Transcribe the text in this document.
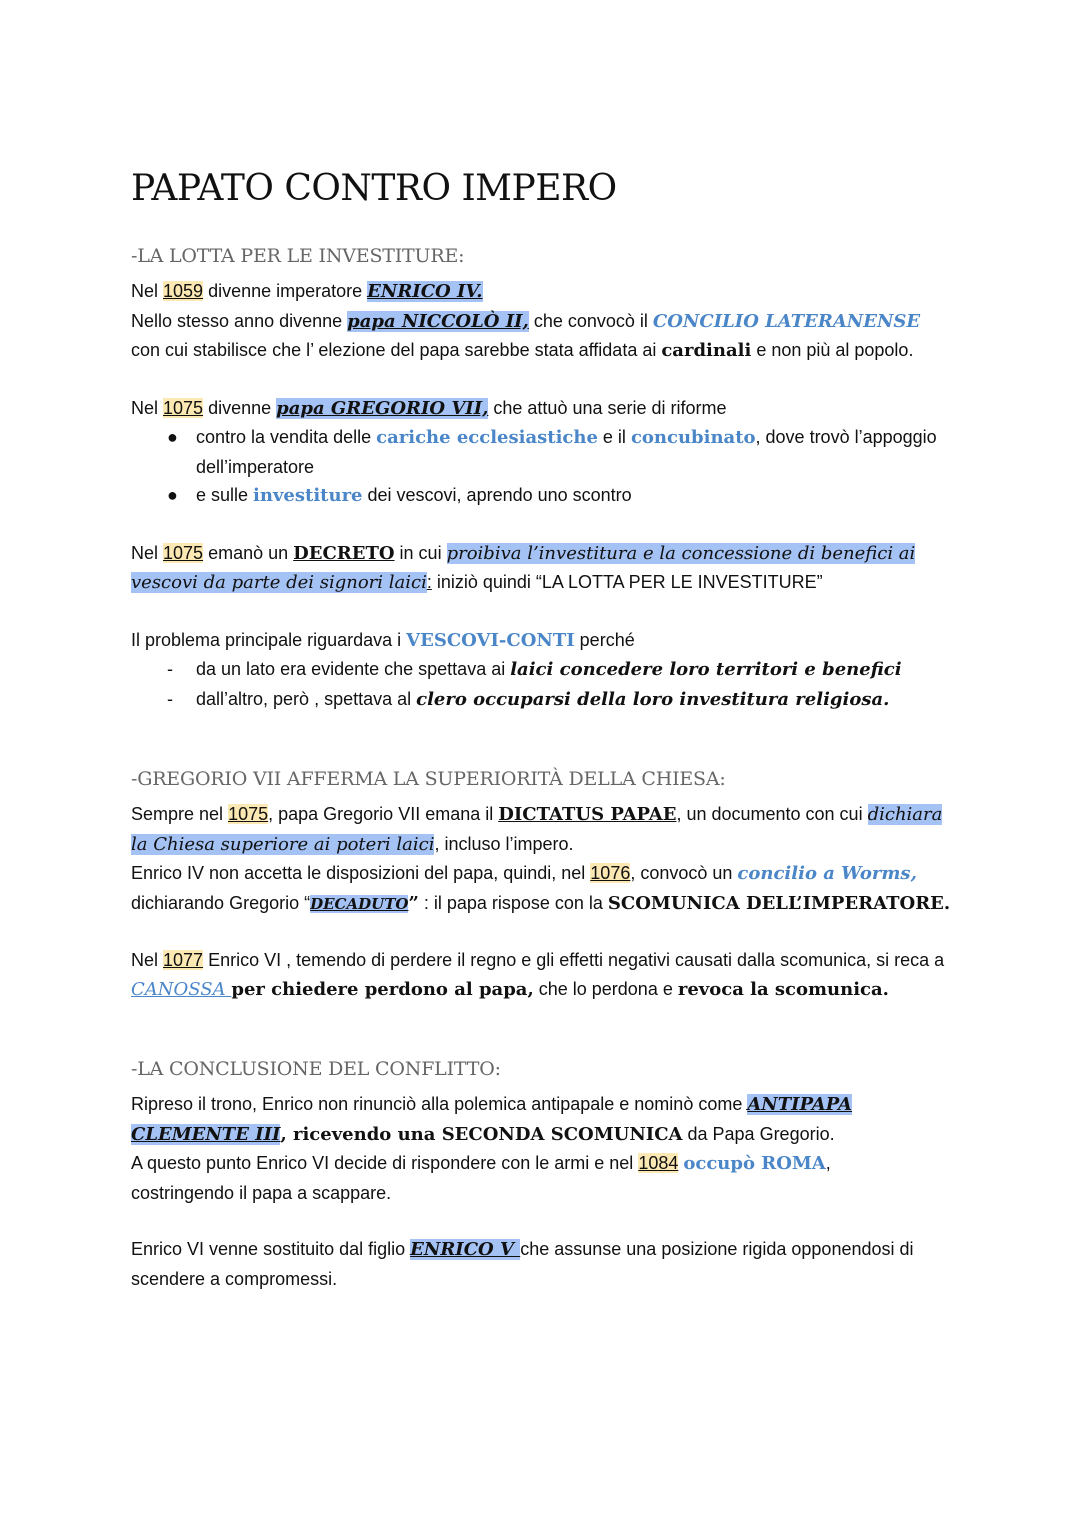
PAPATO CONTRO IMPERO
-LA LOTTA PER LE INVESTITURE:

Nel 1059 divenne imperatore ENRICO IV.
Nello stesso anno divenne papa NICCOLÒ II, che convocò il CONCILIO LATERANENSE
con cui stabilisce che l’ elezione del papa sarebbe stata affidata ai cardinali e non più al popolo.

Nel 1075 divenne papa GREGORIO VII, che attuò una serie di riforme

● contro la vendita delle cariche ecclesiastiche e il concubinato, dove trovò l’appoggio dell’imperatore
● e sulle investiture dei vescovi, aprendo uno scontro

Nel 1075 emanò un DECRETO in cui proibiva l’investitura e la concessione di benefici ai vescovi da parte dei signori laici: iniziò quindi “LA LOTTA PER LE INVESTITURE”

Il problema principale riguardava i VESCOVI-CONTI perché

- da un lato era evidente che spettava ai laici concedere loro territori e benefici
- dall’altro, però , spettava al clero occuparsi della loro investitura religiosa.
-GREGORIO VII AFFERMA LA SUPERIORITÀ DELLA CHIESA:

Sempre nel 1075, papa Gregorio VII emana il DICTATUS PAPAE, un documento con cui dichiara la Chiesa superiore ai poteri laici, incluso l’impero.
Enrico IV non accetta le disposizioni del papa, quindi, nel 1076, convocò un concilio a Worms, dichiarando Gregorio “DECADUTO” : il papa rispose con la SCOMUNICA DELL’IMPERATORE.

Nel 1077 Enrico VI , temendo di perdere il regno e gli effetti negativi causati dalla scomunica, si reca a CANOSSA per chiedere perdono al papa, che lo perdona e revoca la scomunica.

-LA CONCLUSIONE DEL CONFLITTO:

Ripreso il trono, Enrico non rinunciò alla polemica antipapale e nominò come ANTIPAPA CLEMENTE III, ricevendo una SECONDA SCOMUNICA da Papa Gregorio.
A questo punto Enrico VI decide di rispondere con le armi e nel 1084 occupò ROMA,
costringendo il papa a scappare.

Enrico VI venne sostituito dal figlio ENRICO V che assunse una posizione rigida opponendosi di scendere a compromessi.
